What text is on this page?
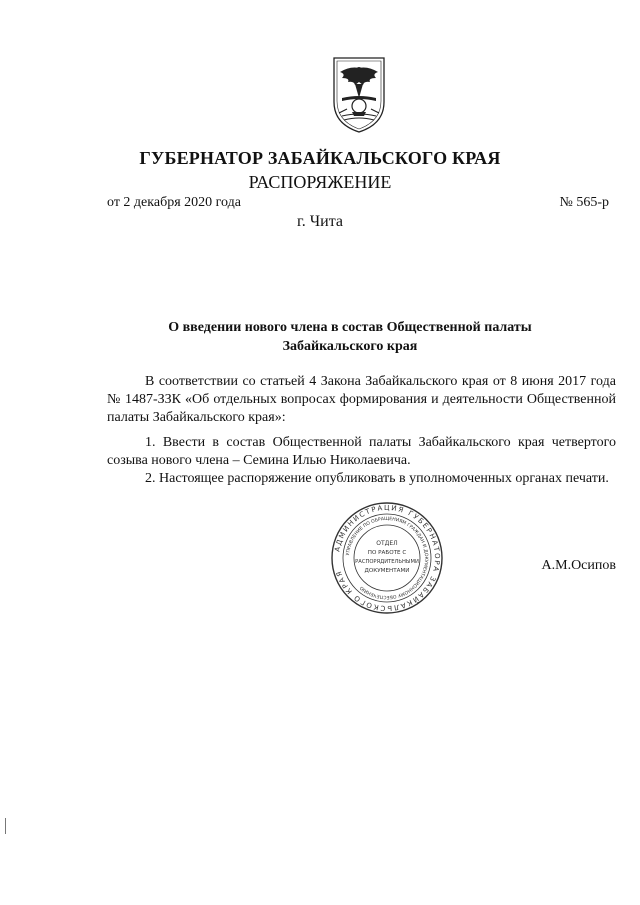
ГУБЕРНАТОР ЗАБАЙКАЛЬСКОГО КРАЯ
РАСПОРЯЖЕНИЕ
от 2 декабря 2020 года	№ 565-р
г. Чита
О введении нового члена в состав Общественной палаты
Забайкальского края

В соответствии со статьей 4 Закона Забайкальского края от 8 июня 2017 года № 1487-ЗЗК «Об отдельных вопросах формирования и деятельности Общественной палаты Забайкальского края»:

1. Ввести в состав Общественной палаты Забайкальского края четвертого созыва нового члена – Семина Илью Николаевича.

2. Настоящее распоряжение опубликовать в уполномоченных органах печати.

АДМИНИСТРАЦИЯ ГУБЕРНАТОРА ЗАБАЙКАЛЬСКОГО КРАЯ
УПРАВЛЕНИЕ ПО ОБРАЩЕНИЯМ ГРАЖДАН И ДОКУМЕНТАЦИОННОМУ ОБЕСПЕЧЕНИЮ
ОТДЕЛ
ПО РАБОТЕ С
РАСПОРЯДИТЕЛЬНЫМИ
ДОКУМЕНТАМИ	А.М.Осипов
